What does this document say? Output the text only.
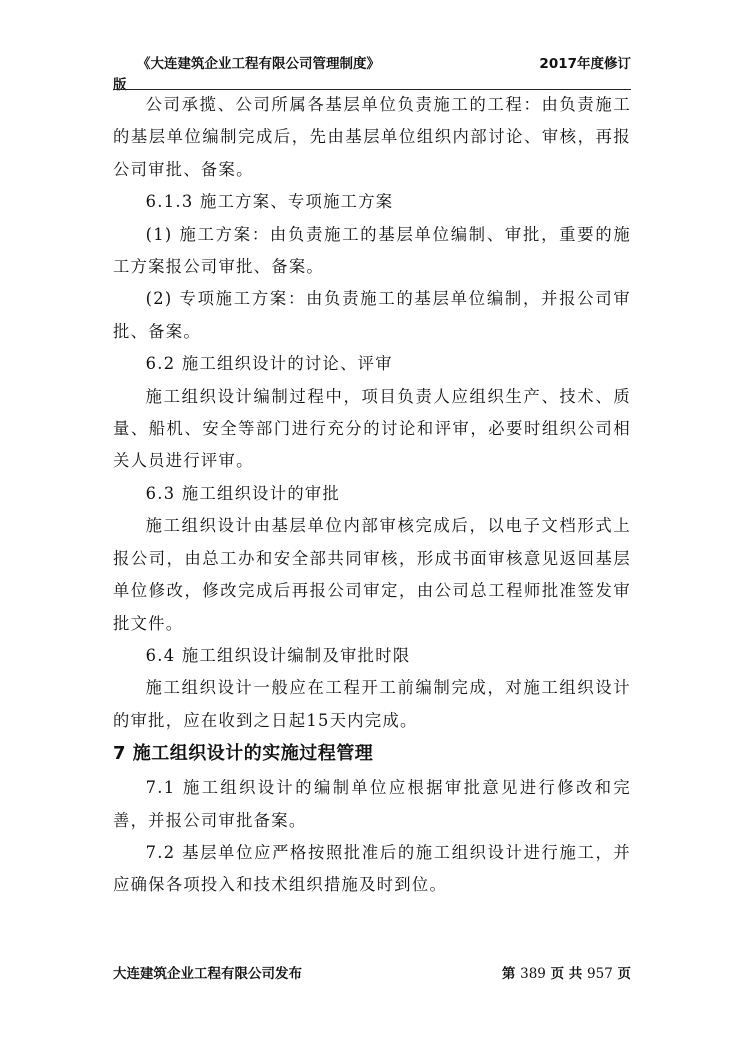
《大连建筑企业工程有限公司管理制度》	2017年度修订
版

公司承揽、公司所属各基层单位负责施工的工程：由负责施工的基层单位编制完成后，先由基层单位组织内部讨论、审核，再报公司审批、备案。

6.1.3 施工方案、专项施工方案

(1) 施工方案：由负责施工的基层单位编制、审批，重要的施工方案报公司审批、备案。

(2) 专项施工方案：由负责施工的基层单位编制，并报公司审批、备案。

6.2 施工组织设计的讨论、评审

施工组织设计编制过程中，项目负责人应组织生产、技术、质量、船机、安全等部门进行充分的讨论和评审，必要时组织公司相关人员进行评审。

6.3 施工组织设计的审批

施工组织设计由基层单位内部审核完成后，以电子文档形式上报公司，由总工办和安全部共同审核，形成书面审核意见返回基层单位修改，修改完成后再报公司审定，由公司总工程师批准签发审批文件。

6.4 施工组织设计编制及审批时限

施工组织设计一般应在工程开工前编制完成，对施工组织设计的审批，应在收到之日起15天内完成。

7 施工组织设计的实施过程管理

7.1 施工组织设计的编制单位应根据审批意见进行修改和完善，并报公司审批备案。

7.2 基层单位应严格按照批准后的施工组织设计进行施工，并应确保各项投入和技术组织措施及时到位。

大连建筑企业工程有限公司发布	第 389 页 共 957 页
